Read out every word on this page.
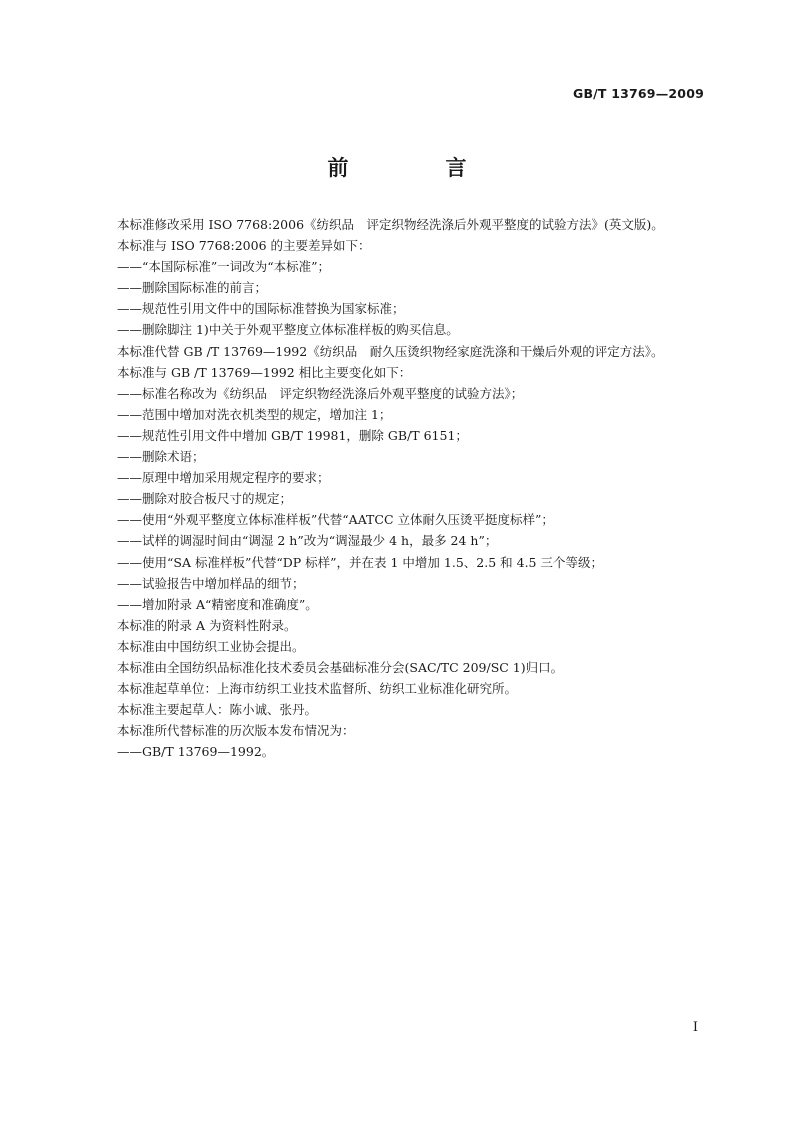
GB/T 13769—2009
前　言
本标准修改采用 ISO 7768:2006《纺织品　评定织物经洗涤后外观平整度的试验方法》(英文版)。
本标准与 ISO 7768:2006 的主要差异如下：
——“本国际标准”一词改为“本标准”；
——删除国际标准的前言；
——规范性引用文件中的国际标准替换为国家标准；
——删除脚注 1)中关于外观平整度立体标准样板的购买信息。
本标准代替 GB /T 13769—1992《纺织品　耐久压烫织物经家庭洗涤和干燥后外观的评定方法》。
本标准与 GB /T 13769—1992 相比主要变化如下：
——标准名称改为《纺织品　评定织物经洗涤后外观平整度的试验方法》；
——范围中增加对洗衣机类型的规定，增加注 1；
——规范性引用文件中增加 GB/T 19981，删除 GB/T 6151；
——删除术语；
——原理中增加采用规定程序的要求；
——删除对胶合板尺寸的规定；
——使用“外观平整度立体标准样板”代替“AATCC 立体耐久压烫平挺度标样”；
——试样的调湿时间由“调湿 2 h”改为“调湿最少 4 h，最多 24 h”；
——使用“SA 标准样板”代替“DP 标样”，并在表 1 中增加 1.5、2.5 和 4.5 三个等级；
——试验报告中增加样品的细节；
——增加附录 A“精密度和准确度”。
本标准的附录 A 为资料性附录。
本标准由中国纺织工业协会提出。
本标准由全国纺织品标准化技术委员会基础标准分会(SAC/TC 209/SC 1)归口。
本标准起草单位：上海市纺织工业技术监督所、纺织工业标准化研究所。
本标准主要起草人：陈小诚、张丹。
本标准所代替标准的历次版本发布情况为：
——GB/T 13769—1992。
I
